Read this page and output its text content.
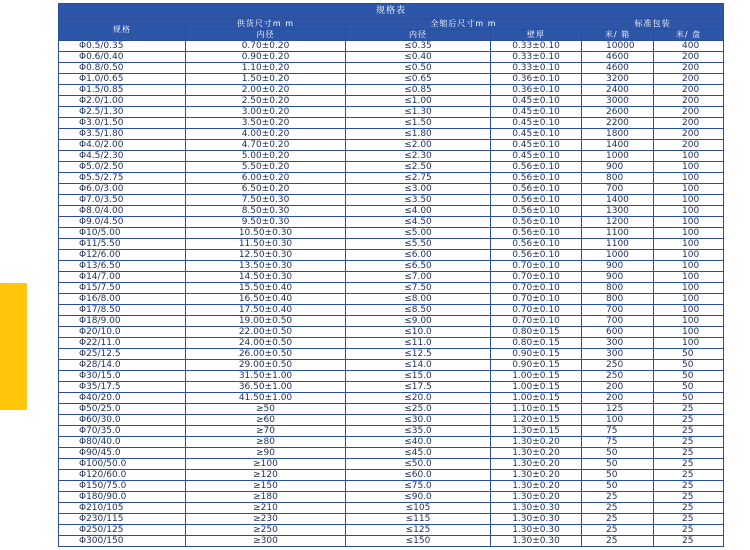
规格表					
规格	供货尺寸m m	全缩后尺寸m m		标准包装	
	内径	内径	壁厚	米/ 箱	米/ 盘
Φ0.5/0.35	0.70±0.20	≤0.35	0.33±0.10	10000	400
Φ0.6/0.40	0.90±0.20	≤0.40	0.33±0.10	4600	200
Φ0.8/0.50	1.10±0.20	≤0.50	0.33±0.10	4600	200
Φ1.0/0.65	1.50±0.20	≤0.65	0.36±0.10	3200	200
Φ1.5/0.85	2.00±0.20	≤0.85	0.36±0.10	2400	200
Φ2.0/1.00	2.50±0.20	≤1.00	0.45±0.10	3000	200
Φ2.5/1.30	3.00±0.20	≤1.30	0.45±0.10	2600	200
Φ3.0/1.50	3.50±0.20	≤1.50	0.45±0.10	2200	200
Φ3.5/1.80	4.00±0.20	≤1.80	0.45±0.10	1800	200
Φ4.0/2.00	4.70±0.20	≤2.00	0.45±0.10	1400	200
Φ4.5/2.30	5.00±0.20	≤2.30	0.45±0.10	1000	100
Φ5.0/2.50	5.50±0.20	≤2.50	0.56±0.10	900	100
Φ5.5/2.75	6.00±0.20	≤2.75	0.56±0.10	800	100
Φ6.0/3.00	6.50±0.20	≤3.00	0.56±0.10	700	100
Φ7.0/3.50	7.50±0.30	≤3.50	0.56±0.10	1400	100
Φ8.0/4.00	8.50±0.30	≤4.00	0.56±0.10	1300	100
Φ9.0/4.50	9.50±0.30	≤4.50	0.56±0.10	1200	100
Φ10/5.00	10.50±0.30	≤5.00	0.56±0.10	1100	100
Φ11/5.50	11.50±0.30	≤5.50	0.56±0.10	1100	100
Φ12/6.00	12.50±0.30	≤6.00	0.56±0.10	1000	100
Φ13/6.50	13.50±0.30	≤6.50	0.70±0.10	900	100
Φ14/7.00	14.50±0.30	≤7.00	0.70±0.10	900	100
Φ15/7.50	15.50±0.40	≤7.50	0.70±0.10	800	100
Φ16/8.00	16.50±0.40	≤8.00	0.70±0.10	800	100
Φ17/8.50	17.50±0.40	≤8.50	0.70±0.10	700	100
Φ18/9.00	19.00±0.50	≤9.00	0.70±0.10	700	100
Φ20/10.0	22.00±0.50	≤10.0	0.80±0.15	600	100
Φ22/11.0	24.00±0.50	≤11.0	0.80±0.15	300	100
Φ25/12.5	26.00±0.50	≤12.5	0.90±0.15	300	50
Φ28/14.0	29.00±0.50	≤14.0	0.90±0.15	250	50
Φ30/15.0	31.50±1.00	≤15.0	1.00±0.15	250	50
Φ35/17.5	36.50±1.00	≤17.5	1.00±0.15	200	50
Φ40/20.0	41.50±1.00	≤20.0	1.00±0.15	200	50
Φ50/25.0	≥50	≤25.0	1.10±0.15	125	25
Φ60/30.0	≥60	≤30.0	1.20±0.15	100	25
Φ70/35.0	≥70	≤35.0	1.30±0.15	75	25
Φ80/40.0	≥80	≤40.0	1.30±0.20	75	25
Φ90/45.0	≥90	≤45.0	1.30±0.20	50	25
Φ100/50.0	≥100	≤50.0	1.30±0.20	50	25
Φ120/60.0	≥120	≤60.0	1.30±0.20	50	25
Φ150/75.0	≥150	≤75.0	1.30±0.20	50	25
Φ180/90.0	≥180	≤90.0	1.30±0.20	25	25
Φ210/105	≥210	≤105	1.30±0.30	25	25
Φ230/115	≥230	≤115	1.30±0.30	25	25
Φ250/125	≥250	≤125	1.30±0.30	25	25
Φ300/150	≥300	≤150	1.30±0.30	25	25
